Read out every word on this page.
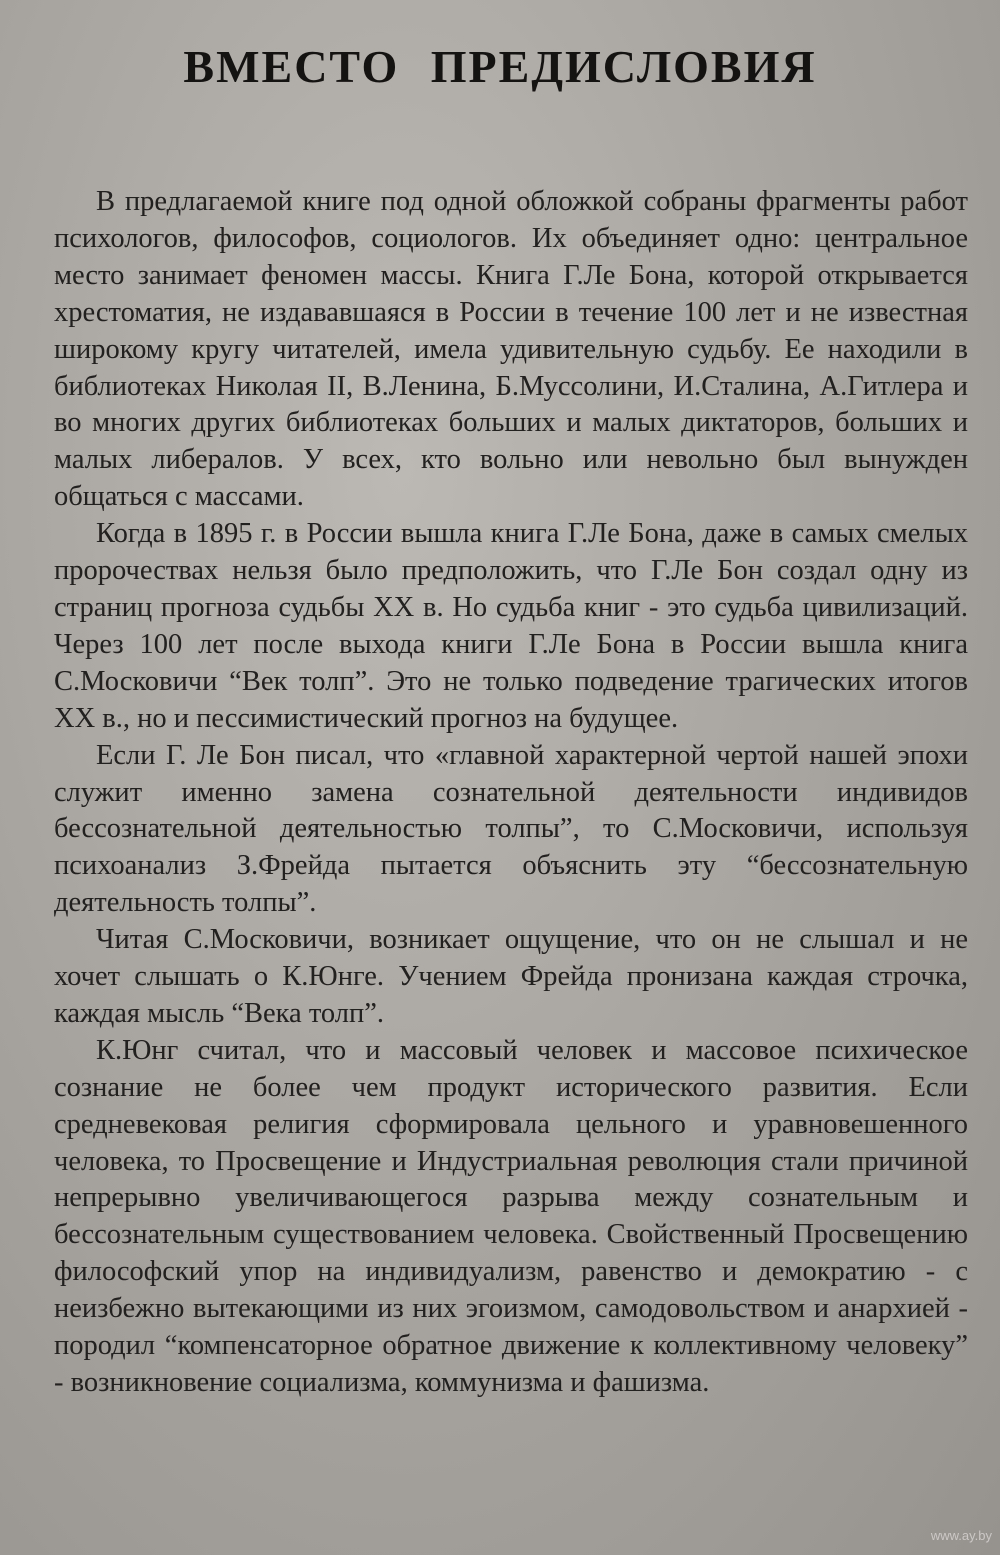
ВМЕСТО ПРЕДИСЛОВИЯ

В предлагаемой книге под одной обложкой собраны фрагменты работ психологов, философов, социологов. Их объединяет одно: центральное место занимает феномен массы. Книга Г.Ле Бона, которой открывается хрестоматия, не издававшаяся в России в течение 100 лет и не известная широкому кругу читателей, имела удивительную судьбу. Ее находили в библиотеках Николая II, В.Ленина, Б.Муссолини, И.Сталина, А.Гитлера и во многих других библиотеках больших и малых диктаторов, больших и малых либералов. У всех, кто вольно или невольно был вынужден общаться с массами.

Когда в 1895 г. в России вышла книга Г.Ле Бона, даже в самых смелых пророчествах нельзя было предположить, что Г.Ле Бон создал одну из страниц прогноза судьбы XX в. Но судьба книг - это судьба цивилизаций. Через 100 лет после выхода книги Г.Ле Бона в России вышла книга С.Московичи “Век толп”. Это не только подведение трагических итогов XX в., но и пессимистический прогноз на будущее.

Если Г. Ле Бон писал, что «главной характерной чертой нашей эпохи служит именно замена сознательной деятельности индивидов бессознательной деятельностью толпы”, то С.Московичи, используя психоанализ З.Фрейда пытается объяснить эту “бессознательную деятельность толпы”.

Читая С.Московичи, возникает ощущение, что он не слышал и не хочет слышать о К.Юнге. Учением Фрейда пронизана каждая строчка, каждая мысль “Века толп”.

К.Юнг считал, что и массовый человек и массовое психическое сознание не более чем продукт исторического развития. Если средневековая религия сформировала цельного и уравновешенного человека, то Просвещение и Индустриальная революция стали причиной непрерывно увеличивающегося разрыва между сознательным и бессознательным существованием человека. Свойственный Просвещению философский упор на индивидуализм, равенство и демократию - с неизбежно вытекающими из них эгоизмом, самодовольством и анархией - породил “компенсаторное обратное движение к коллективному человеку” - возникновение социализма, коммунизма и фашизма.

www.ay.by
